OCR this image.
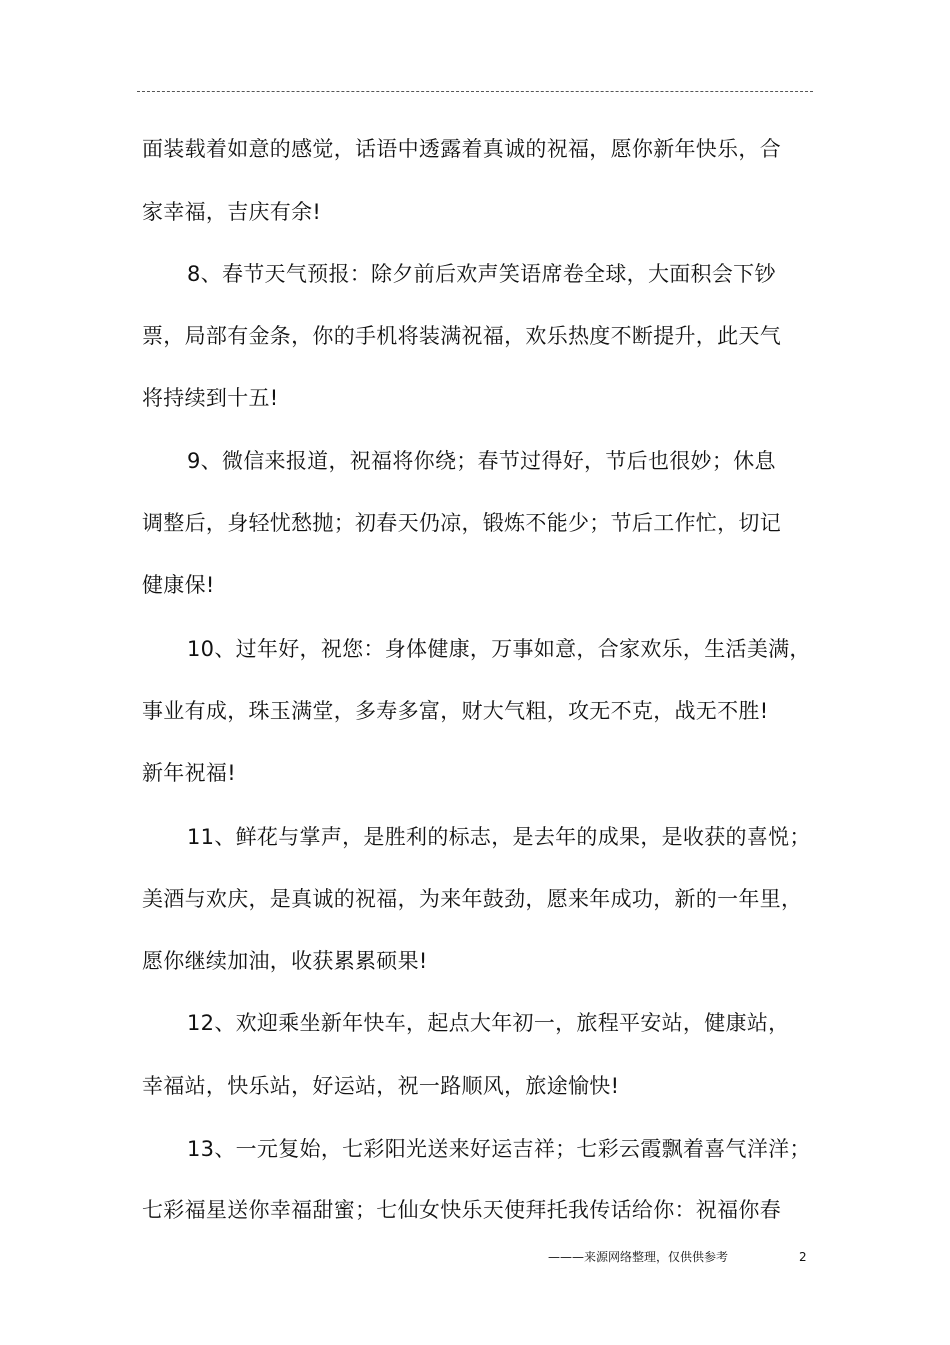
面装载着如意的感觉，话语中透露着真诚的祝福，愿你新年快乐，合
家幸福，吉庆有余!
8、春节天气预报：除夕前后欢声笑语席卷全球，大面积会下钞
票，局部有金条，你的手机将装满祝福，欢乐热度不断提升，此天气
将持续到十五!
9、微信来报道，祝福将你绕；春节过得好，节后也很妙；休息
调整后，身轻忧愁抛；初春天仍凉，锻炼不能少；节后工作忙，切记
健康保!
10、过年好，祝您：身体健康，万事如意，合家欢乐，生活美满，
事业有成，珠玉满堂，多寿多富，财大气粗，攻无不克，战无不胜!
新年祝福!
11、鲜花与掌声，是胜利的标志，是去年的成果，是收获的喜悦；
美酒与欢庆，是真诚的祝福，为来年鼓劲，愿来年成功，新的一年里，
愿你继续加油，收获累累硕果!
12、欢迎乘坐新年快车，起点大年初一，旅程平安站，健康站，
幸福站，快乐站，好运站，祝一路顺风，旅途愉快!
13、一元复始，七彩阳光送来好运吉祥；七彩云霞飘着喜气洋洋；
七彩福星送你幸福甜蜜；七仙女快乐天使拜托我传话给你：祝福你春
———来源网络整理，仅供供参考	2
